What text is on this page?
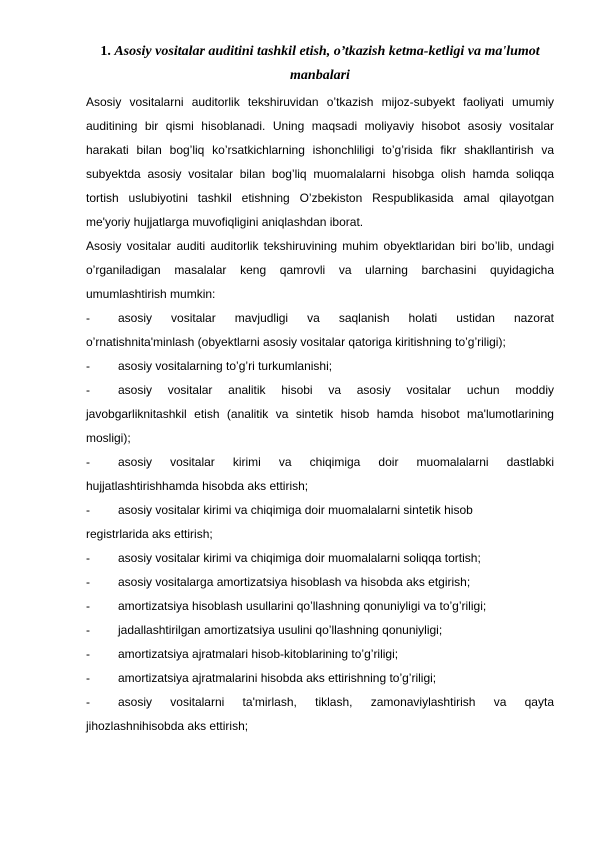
1. Asosiy vositalar auditini tashkil etish, o’tkazish ketma-ketligi va ma'lumot manbalari

Asosiy vositalarni auditorlik tekshiruvidan o’tkazish mijoz-subyekt faoliyati umumiy auditining bir qismi hisoblanadi. Uning maqsadi moliyaviy hisobot asosiy vositalar harakati bilan bog’liq ko’rsatkichlarning ishonchliligi to’g’risida fikr shakllantirish va subyektda asosiy vositalar bilan bog’liq muomalalarni hisobga olish hamda soliqqa tortish uslubiyotini tashkil etishning O’zbekiston Respublikasida amal qilayotgan me'yoriy hujjatlarga muvofiqligini aniqlashdan iborat.

Asosiy vositalar auditi auditorlik tekshiruvining muhim obyektlaridan biri bo’lib, undagi o’rganiladigan masalalar keng qamrovli va ularning barchasini quyidagicha umumlashtirish mumkin:

- asosiy vositalar mavjudligi va saqlanish holati ustidan nazorat o’rnatishnita'minlash (obyektlarni asosiy vositalar qatoriga kiritishning to’g’riligi);

- asosiy vositalarning to’g’ri turkumlanishi;

- asosiy vositalar analitik hisobi va asosiy vositalar uchun moddiy javobgarliknitashkil etish (analitik va sintetik hisob hamda hisobot ma'lumotlarining mosligi);

- asosiy vositalar kirimi va chiqimiga doir muomalalarni dastlabki hujjatlashtirishhamda hisobda aks ettirish;

- asosiy vositalar kirimi va chiqimiga doir muomalalarni sintetik hisob
registrlarida aks ettirish;

- asosiy vositalar kirimi va chiqimiga doir muomalalarni soliqqa tortish;

- asosiy vositalarga amortizatsiya hisoblash va hisobda aks etgirish;

- amortizatsiya hisoblash usullarini qo’llashning qonuniyligi va to’g’riligi;

- jadallashtirilgan amortizatsiya usulini qo’llashning qonuniyligi;

- amortizatsiya ajratmalari hisob-kitoblarining to’g’riligi;

- amortizatsiya ajratmalarini hisobda aks ettirishning to’g’riligi;

- asosiy vositalarni ta'mirlash, tiklash, zamonaviylashtirish va qayta jihozlashnihisobda aks ettirish;
